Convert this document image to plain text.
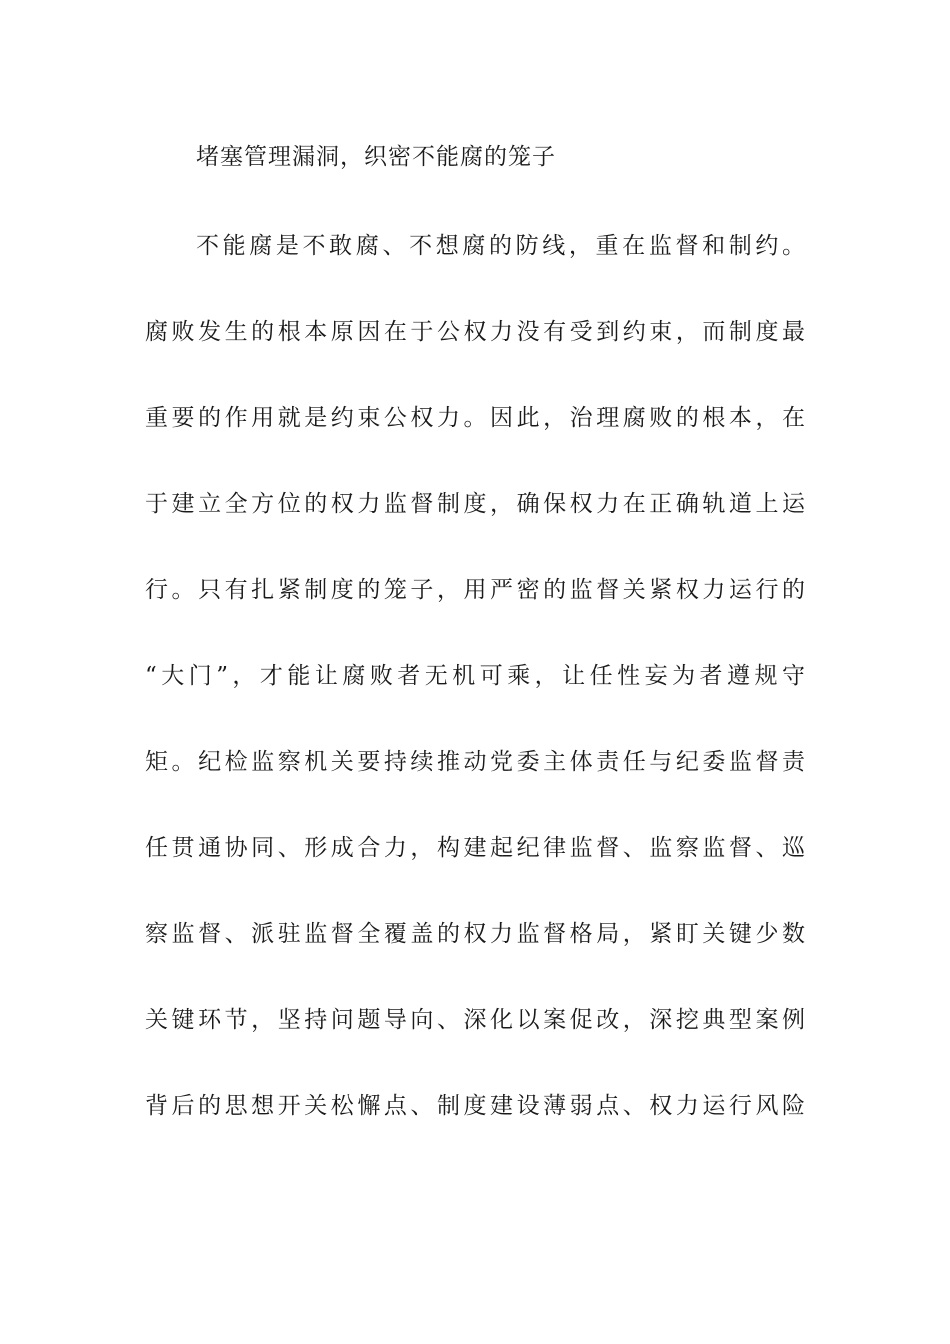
堵塞管理漏洞，织密不能腐的笼子
不能腐是不敢腐、不想腐的防线，重在监督和制约。
腐败发生的根本原因在于公权力没有受到约束，而制度最
重要的作用就是约束公权力。因此，治理腐败的根本，在
于建立全方位的权力监督制度，确保权力在正确轨道上运
行。只有扎紧制度的笼子，用严密的监督关紧权力运行的
“大门”，才能让腐败者无机可乘，让任性妄为者遵规守
矩。纪检监察机关要持续推动党委主体责任与纪委监督责
任贯通协同、形成合力，构建起纪律监督、监察监督、巡
察监督、派驻监督全覆盖的权力监督格局，紧盯关键少数
关键环节，坚持问题导向、深化以案促改，深挖典型案例
背后的思想开关松懈点、制度建设薄弱点、权力运行风险
